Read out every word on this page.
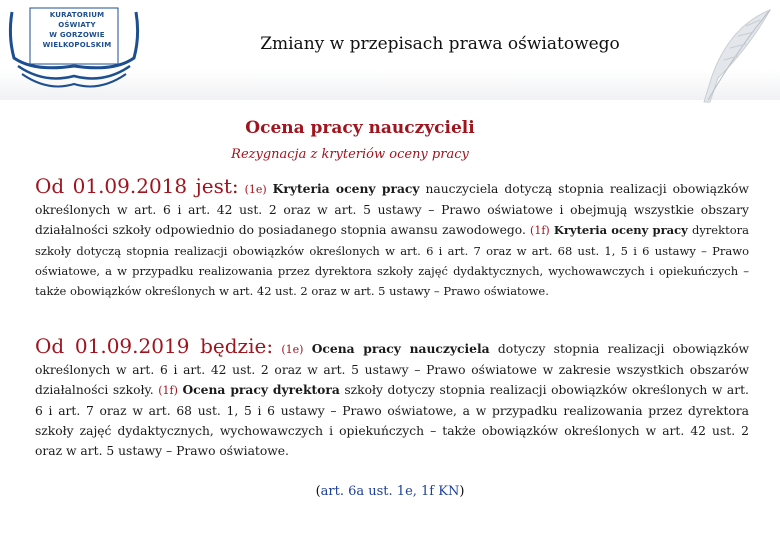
KURATORIUM
OŚWIATY
W GORZOWIE
WIELKOPOLSKIM	Zmiany w przepisach prawa oświatowego
Ocena pracy nauczycieli
Rezygnacja z kryteriów oceny pracy
Od 01.09.2018 jest: (1e) Kryteria oceny pracy nauczyciela dotyczą stopnia realizacji obowiązków określonych w art. 6 i art. 42 ust. 2 oraz w art. 5 ustawy – Prawo oświatowe i obejmują wszystkie obszary działalności szkoły odpowiednio do posiadanego stopnia awansu zawodowego. (1f) Kryteria oceny pracy dyrektora szkoły dotyczą stopnia realizacji obowiązków określonych w art. 6 i art. 7 oraz w art. 68 ust. 1, 5 i 6 ustawy – Prawo oświatowe, a w przypadku realizowania przez dyrektora szkoły zajęć dydaktycznych, wychowawczych i opiekuńczych – także obowiązków określonych w art. 42 ust. 2 oraz w art. 5 ustawy – Prawo oświatowe.
Od 01.09.2019 będzie: (1e) Ocena pracy nauczyciela dotyczy stopnia realizacji obowiązków określonych w art. 6 i art. 42 ust. 2 oraz w art. 5 ustawy – Prawo oświatowe w zakresie wszystkich obszarów działalności szkoły. (1f) Ocena pracy dyrektora szkoły dotyczy stopnia realizacji obowiązków określonych w art. 6 i art. 7 oraz w art. 68 ust. 1, 5 i 6 ustawy – Prawo oświatowe, a w przypadku realizowania przez dyrektora szkoły zajęć dydaktycznych, wychowawczych i opiekuńczych – także obowiązków określonych w art. 42 ust. 2 oraz w art. 5 ustawy – Prawo oświatowe.
(art. 6a ust. 1e, 1f KN)
